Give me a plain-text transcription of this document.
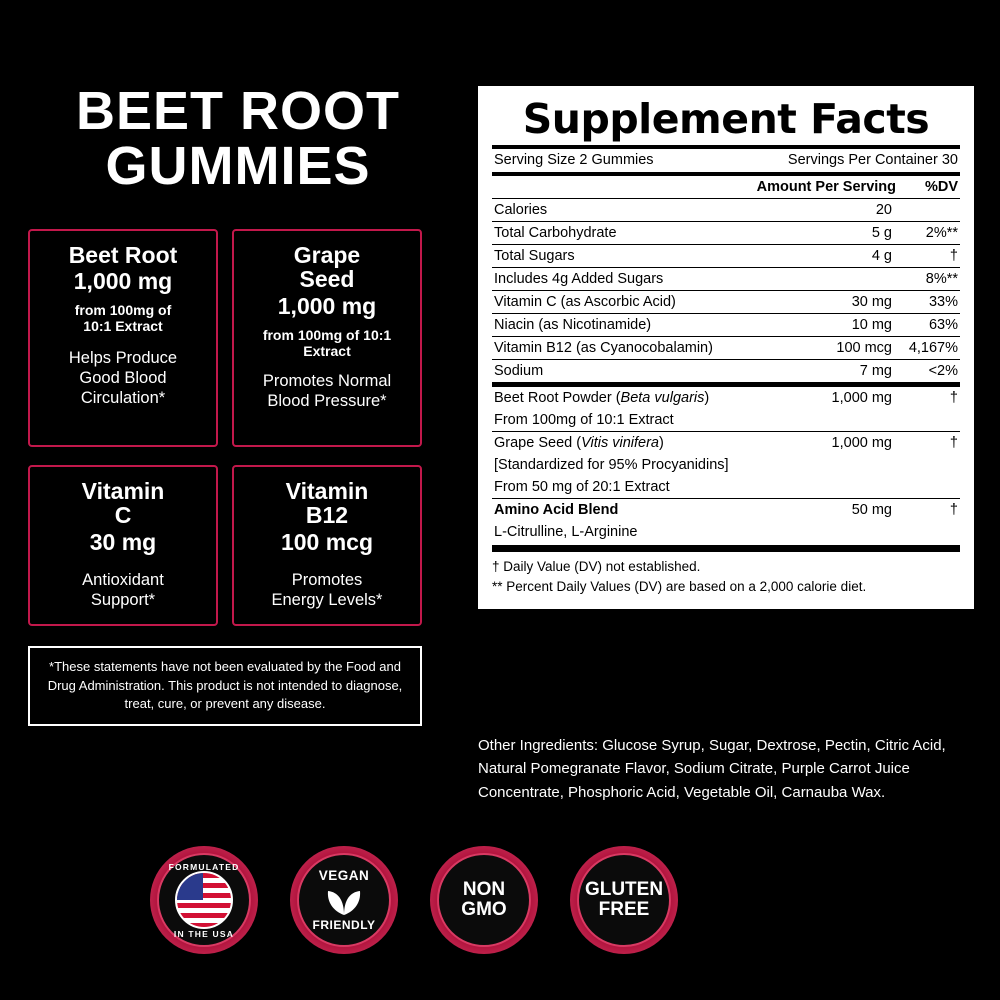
BEET ROOT
GUMMIES
Beet Root
1,000 mg
from 100mg of
10:1 Extract
Helps Produce
Good Blood
Circulation*
Grape
Seed
1,000 mg
from 100mg of 10:1
Extract
Promotes Normal
Blood Pressure*
Vitamin
C
30 mg
Antioxidant
Support*
Vitamin
B12
100 mcg
Promotes
Energy Levels*
*These statements have not been evaluated by the Food and Drug Administration. This product is not intended to diagnose, treat, cure, or prevent any disease.
FORMULATED
IN THE USA
VEGAN
FRIENDLY
NON
GMO
GLUTEN
FREE
Supplement Facts
Serving Size 2 Gummies	Servings Per Container 30
Amount Per Serving	%DV
Calories	20	
Total Carbohydrate	5 g	2%**
Total Sugars	4 g	†
Includes 4g Added Sugars		8%**
Vitamin C (as Ascorbic Acid)	30 mg	33%
Niacin (as Nicotinamide)	10 mg	63%
Vitamin B12 (as Cyanocobalamin)	100 mcg	4,167%
Sodium	7 mg	<2%
Beet Root Powder (Beta vulgaris)	1,000 mg	†
From 100mg of 10:1 Extract		
Grape Seed (Vitis vinifera)	1,000 mg	†
[Standardized for 95% Procyanidins]		
From 50 mg of 20:1 Extract		
Amino Acid Blend	50 mg	†
L-Citrulline, L-Arginine		
† Daily Value (DV) not established.
** Percent Daily Values (DV) are based on a 2,000 calorie diet.
Other Ingredients: Glucose Syrup, Sugar, Dextrose, Pectin, Citric Acid, Natural Pomegranate Flavor, Sodium Citrate, Purple Carrot Juice Concentrate, Phosphoric Acid, Vegetable Oil, Carnauba Wax.
